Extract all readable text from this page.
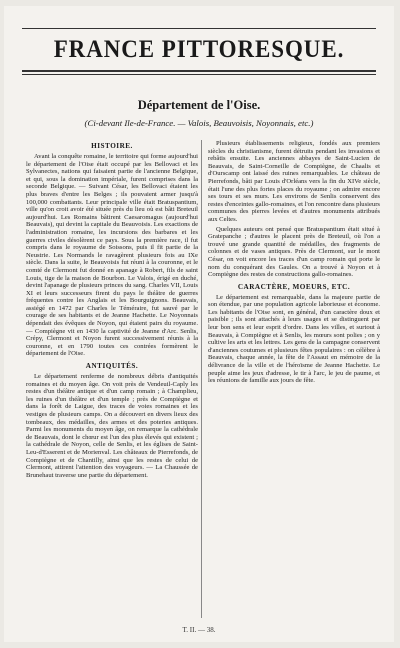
FRANCE PITTORESQUE.
Département de l'Oise.
(Ci-devant Ile-de-France. — Valois, Beauvoisis, Noyonnais, etc.)
HISTOIRE.

Avant la conquête romaine, le territoire qui forme aujourd'hui le département de l'Oise était occupé par les Bellovaci et les Sylvanectes, nations qui faisaient partie de l'ancienne Belgique, et qui, sous la domination impériale, furent comprises dans la seconde Belgique. — Suivant César, les Bellovaci étaient les plus braves d'entre les Belges ; ils pouvaient armer jusqu'à 100,000 combattants. Leur principale ville était Bratuspantium, ville qu'on croit avoir été située près du lieu où est bâti Breteuil aujourd'hui. Les Romains bâtirent Caesaromagus (aujourd'hui Beauvais), qui devint la capitale du Beauvoisis. Les exactions de l'administration romaine, les incursions des barbares et les guerres civiles désolèrent ce pays. Sous la première race, il fut compris dans le royaume de Soissons, puis il fit partie de la Neustrie. Les Normands le ravagèrent plusieurs fois au IXe siècle. Dans la suite, le Beauvoisis fut réuni à la couronne, et le comté de Clermont fut donné en apanage à Robert, fils de saint Louis, tige de la maison de Bourbon. Le Valois, érigé en duché, devint l'apanage de plusieurs princes du sang. Charles VII, Louis XI et leurs successeurs firent du pays le théâtre de guerres fréquentes contre les Anglais et les Bourguignons. Beauvais, assiégé en 1472 par Charles le Téméraire, fut sauvé par le courage de ses habitants et de Jeanne Hachette. Le Noyonnais dépendait des évêques de Noyon, qui étaient pairs du royaume. — Compiègne vit en 1430 la captivité de Jeanne d'Arc. Senlis, Crépy, Clermont et Noyon furent successivement réunis à la couronne, et en 1790 toutes ces contrées formèrent le département de l'Oise.

ANTIQUITÉS.

Le département renferme de nombreux débris d'antiquités romaines et du moyen âge. On voit près de Vendeuil-Caply les restes d'un théâtre antique et d'un camp romain ; à Champlieu, les ruines d'un théâtre et d'un temple ; près de Compiègne et dans la forêt de Laigue, des traces de voies romaines et les vestiges de plusieurs camps. On a découvert en divers lieux des tombeaux, des médailles, des armes et des poteries antiques. Parmi les monuments du moyen âge, on remarque la cathédrale de Beauvais, dont le chœur est l'un des plus élevés qui existent ; la cathédrale de Noyon, celle de Senlis, et les églises de Saint-Leu-d'Esserent et de Morienval. Les châteaux de Pierrefonds, de Compiègne et de Chantilly, ainsi que les restes de celui de Clermont, attirent l'attention des voyageurs. — La Chaussée de Brunehaut traverse une partie du département.

Plusieurs établissements religieux, fondés aux premiers siècles du christianisme, furent détruits pendant les invasions et rebâtis ensuite. Les anciennes abbayes de Saint-Lucien de Beauvais, de Saint-Corneille de Compiègne, de Chaalis et d'Ourscamp ont laissé des ruines remarquables. Le château de Pierrefonds, bâti par Louis d'Orléans vers la fin du XIVe siècle, était l'une des plus fortes places du royaume ; on admire encore ses tours et ses murs. Les environs de Senlis conservent des restes d'enceintes gallo-romaines, et l'on rencontre dans plusieurs communes des pierres levées et d'autres monuments attribués aux Celtes.

Quelques auteurs ont pensé que Bratuspantium était situé à Gratepanche ; d'autres le placent près de Breteuil, où l'on a trouvé une grande quantité de médailles, des fragments de colonnes et de vases antiques. Près de Clermont, sur le mont César, on voit encore les traces d'un camp romain qui porte le nom du conquérant des Gaules. On a trouvé à Noyon et à Compiègne des restes de constructions gallo-romaines.

CARACTÈRE, MOEURS, ETC.

Le département est remarquable, dans la majeure partie de son étendue, par une population agricole laborieuse et économe. Les habitants de l'Oise sont, en général, d'un caractère doux et paisible ; ils sont attachés à leurs usages et se distinguent par leur bon sens et leur esprit d'ordre. Dans les villes, et surtout à Beauvais, à Compiègne et à Senlis, les mœurs sont polies ; on y cultive les arts et les lettres. Les gens de la campagne conservent d'anciennes coutumes et plusieurs fêtes populaires : on célèbre à Beauvais, chaque année, la fête de l'Assaut en mémoire de la délivrance de la ville et de l'héroïsme de Jeanne Hachette. Le peuple aime les jeux d'adresse, le tir à l'arc, le jeu de paume, et les réunions de famille aux jours de fête.

T. II. — 38.
